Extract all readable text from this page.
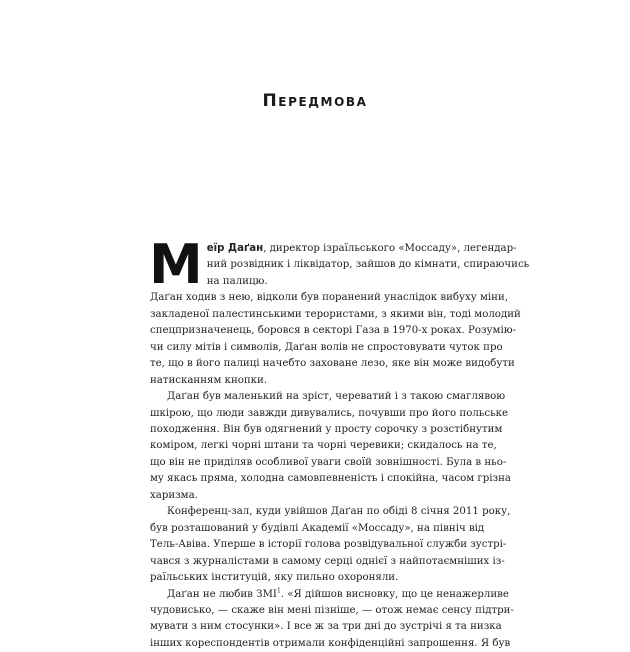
Передмова

М еїр Даґан, директор ізраїльського «Моссаду», легендар-
ний розвідник і ліквідатор, зайшов до кімнати, спираючись
на палицю.
Даґан ходив з нею, відколи був поранений унаслідок вибуху міни,
закладеної палестинськими терористами, з якими він, тоді молодий
спецпризначенець, боровся в секторі Газа в 1970-х роках. Розумію-
чи силу мітів і символів, Даґан волів не спростовувати чуток про
те, що в його палиці начебто заховане лезо, яке він може видобути
натисканням кнопки.

Даґан був маленький на зріст, череватий і з такою смаглявою
шкірою, що люди завжди дивувались, почувши про його польське
походження. Він був одягнений у просту сорочку з розстібнутим
коміром, легкі чорні штани та чорні черевики; скидалось на те,
що він не приділяв особливої уваги своїй зовнішності. Була в ньо-
му якась пряма, холодна самовпевненість і спокійна, часом грізна
харизма.

Конференц-зал, куди увійшов Даґан по обіді 8 січня 2011 року,
був розташований у будівлі Академії «Моссаду», на північ від
Тель-Авіва. Уперше в історії голова розвідувальної служби зустрі-
чався з журналістами в самому серці однієї з найпотаємніших із-
раїльських інституцій, яку пильно охороняли.

Даґан не любив ЗМІ$^1$. «Я дійшов висновку, що це ненажерливе
чудовисько, — скаже він мені пізніше, — отож немає сенсу підтри-
мувати з ним стосунки». І все ж за три дні до зустрічі я та низка
інших кореспондентів отримали конфіденційні запрошення. Я був
